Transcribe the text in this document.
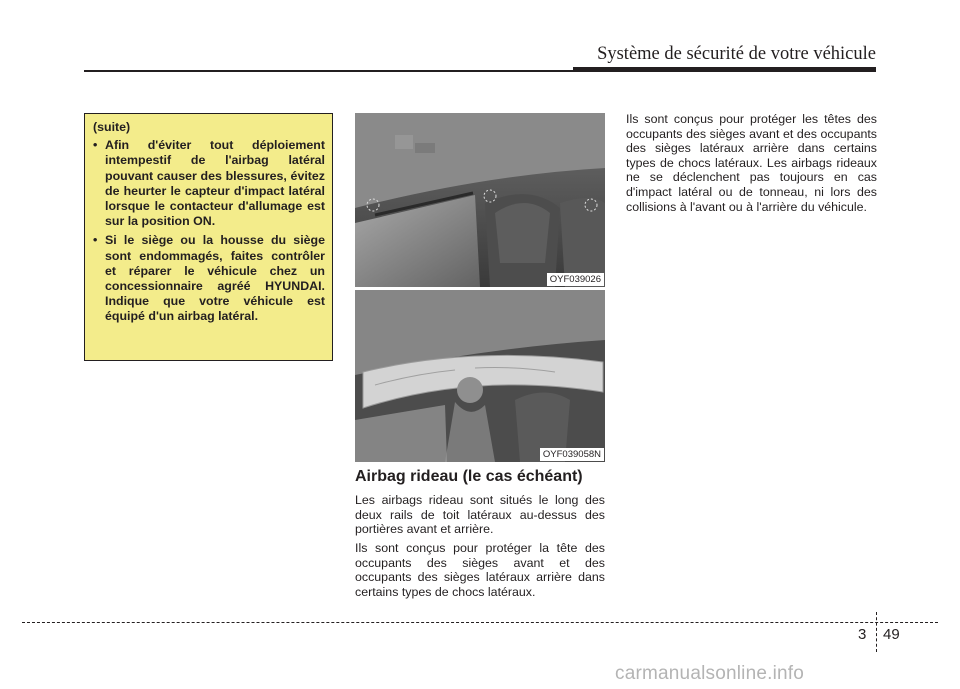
Système de sécurité de votre véhicule

(suite)

• Afin d'éviter tout déploiement intempestif de l'airbag latéral pouvant causer des blessures, évitez de heurter le capteur d'impact latéral lorsque le contacteur d'allumage est sur la position ON.
• Si le siège ou la housse du siège sont endommagés, faites contrôler et réparer le véhicule chez un concessionnaire agréé HYUNDAI. Indique que votre véhicule est équipé d'un airbag latéral.
OYF039026
OYF039058N
Airbag rideau (le cas échéant)

Les airbags rideau sont situés le long des deux rails de toit latéraux au-dessus des portières avant et arrière.

Ils sont conçus pour protéger la tête des occupants des sièges avant et des occupants des sièges latéraux arrière dans certains types de chocs latéraux.

Ils sont conçus pour protéger les têtes des occupants des sièges avant et des occupants des sièges latéraux arrière dans certains types de chocs latéraux. Les airbags rideaux ne se déclenchent pas toujours en cas d'impact latéral ou de tonneau, ni lors des collisions à l'avant ou à l'arrière du véhicule.

3 49
carmanualsonline.info
